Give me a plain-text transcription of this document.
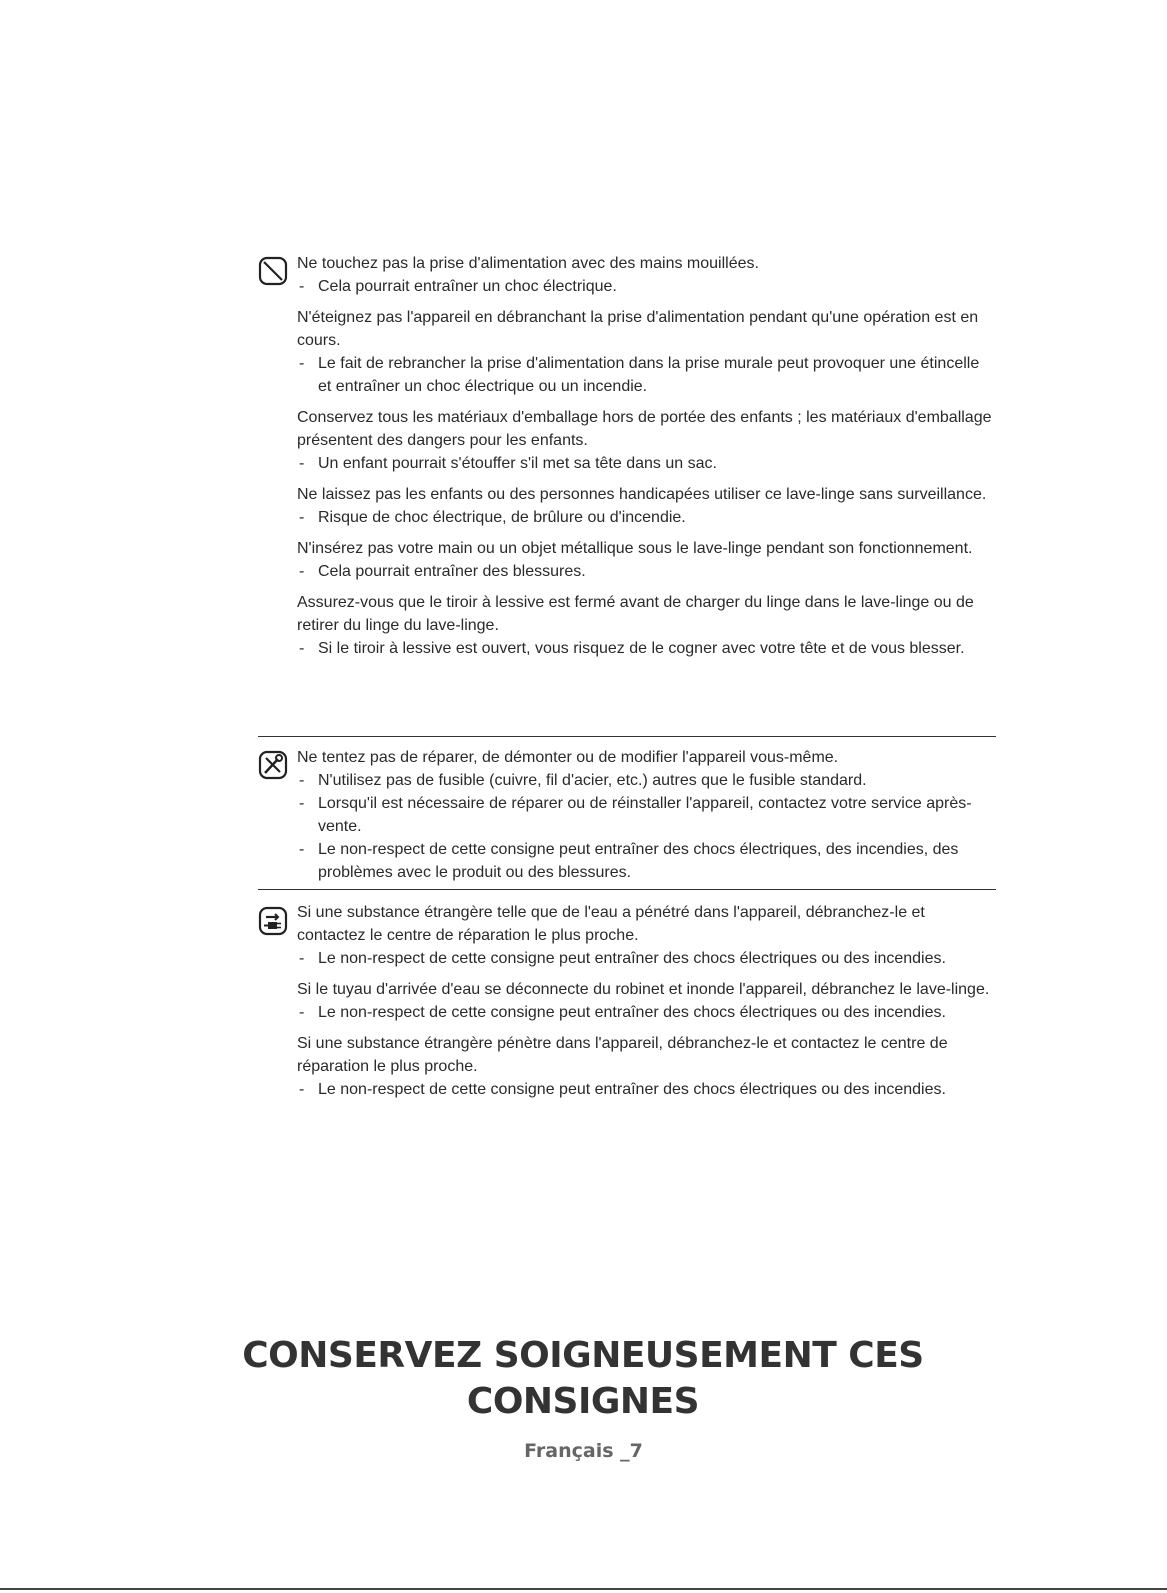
Ne touchez pas la prise d'alimentation avec des mains mouillées.
- Cela pourrait entraîner un choc électrique.
N'éteignez pas l'appareil en débranchant la prise d'alimentation pendant qu'une opération est en cours.
- Le fait de rebrancher la prise d'alimentation dans la prise murale peut provoquer une étincelle et entraîner un choc électrique ou un incendie.
Conservez tous les matériaux d'emballage hors de portée des enfants ; les matériaux d'emballage présentent des dangers pour les enfants.
- Un enfant pourrait s'étouffer s'il met sa tête dans un sac.
Ne laissez pas les enfants ou des personnes handicapées utiliser ce lave-linge sans surveillance.
- Risque de choc électrique, de brûlure ou d'incendie.
N'insérez pas votre main ou un objet métallique sous le lave-linge pendant son fonctionnement.
- Cela pourrait entraîner des blessures.
Assurez-vous que le tiroir à lessive est fermé avant de charger du linge dans le lave-linge ou de retirer du linge du lave-linge.
- Si le tiroir à lessive est ouvert, vous risquez de le cogner avec votre tête et de vous blesser.
Ne tentez pas de réparer, de démonter ou de modifier l'appareil vous-même.
- N'utilisez pas de fusible (cuivre, fil d'acier, etc.) autres que le fusible standard.
- Lorsqu'il est nécessaire de réparer ou de réinstaller l'appareil, contactez votre service après-vente.
- Le non-respect de cette consigne peut entraîner des chocs électriques, des incendies, des problèmes avec le produit ou des blessures.
Si une substance étrangère telle que de l'eau a pénétré dans l'appareil, débranchez-le et contactez le centre de réparation le plus proche.
- Le non-respect de cette consigne peut entraîner des chocs électriques ou des incendies.
Si le tuyau d'arrivée d'eau se déconnecte du robinet et inonde l'appareil, débranchez le lave-linge.
- Le non-respect de cette consigne peut entraîner des chocs électriques ou des incendies.
Si une substance étrangère pénètre dans l'appareil, débranchez-le et contactez le centre de réparation le plus proche.
- Le non-respect de cette consigne peut entraîner des chocs électriques ou des incendies.
CONSERVEZ SOIGNEUSEMENT CES
CONSIGNES
Français _7
